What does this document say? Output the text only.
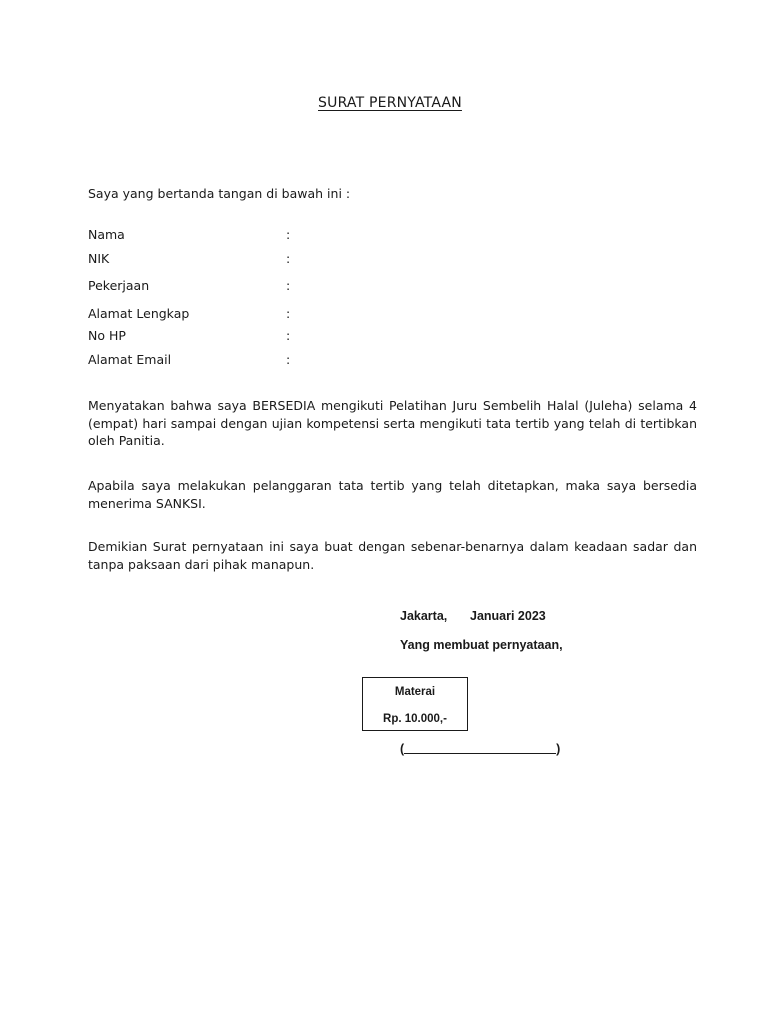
SURAT PERNYATAAN
Saya yang bertanda tangan di bawah ini :
Nama	:
NIK	:
Pekerjaan	:
Alamat Lengkap	:
No HP	:
Alamat Email	:
Menyatakan bahwa saya BERSEDIA mengikuti Pelatihan Juru Sembelih Halal (Juleha) selama 4 (empat) hari sampai dengan ujian kompetensi serta mengikuti tata tertib yang telah di tertibkan oleh Panitia.
Apabila saya melakukan pelanggaran tata tertib yang telah ditetapkan, maka saya bersedia menerima SANKSI.
Demikian Surat pernyataan ini saya buat dengan sebenar-benarnya dalam keadaan sadar dan tanpa paksaan dari pihak manapun.
Jakarta, Januari 2023
Yang membuat pernyataan,
Materai
Rp. 10.000,-
(	)
